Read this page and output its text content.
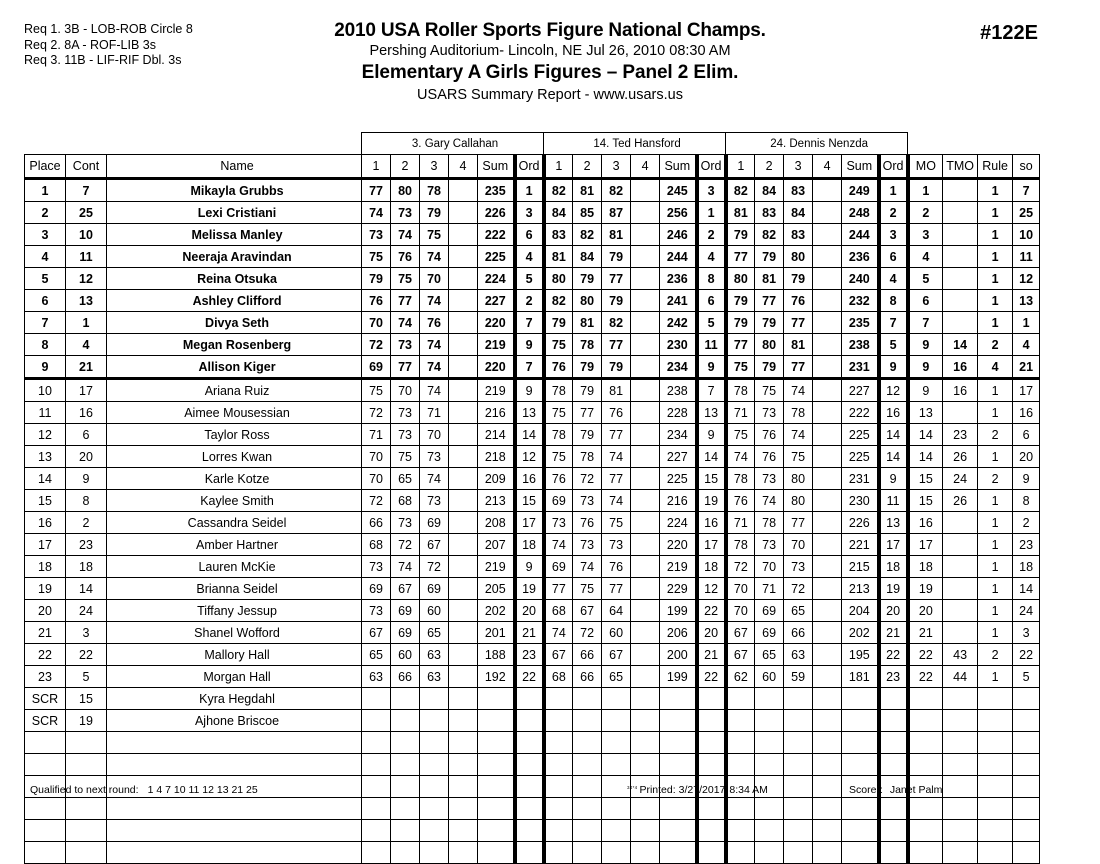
Req 1. 3B - LOB-ROB Circle 8
Req 2. 8A - ROF-LIB 3s
Req 3. 11B - LIF-RIF Dbl. 3s
2010 USA Roller Sports Figure National Champs.
Pershing Auditorium- Lincoln, NE Jul 26, 2010 08:30 AM
Elementary A Girls Figures – Panel 2 Elim.
USARS Summary Report - www.usars.us
#122E
			3. Gary Callahan						14. Ted Hansford						24. Dennis Nenzda									
Place	Cont	Name	1	2	3	4	Sum	Ord	1	2	3	4	Sum	Ord	1	2	3	4	Sum	Ord	MO	TMO	Rule	so
1	7	Mikayla Grubbs	77	80	78		235	1	82	81	82		245	3	82	84	83		249	1	1		1	7
2	25	Lexi Cristiani	74	73	79		226	3	84	85	87		256	1	81	83	84		248	2	2		1	25
3	10	Melissa Manley	73	74	75		222	6	83	82	81		246	2	79	82	83		244	3	3		1	10
4	11	Neeraja Aravindan	75	76	74		225	4	81	84	79		244	4	77	79	80		236	6	4		1	11
5	12	Reina Otsuka	79	75	70		224	5	80	79	77		236	8	80	81	79		240	4	5		1	12
6	13	Ashley Clifford	76	77	74		227	2	82	80	79		241	6	79	77	76		232	8	6		1	13
7	1	Divya Seth	70	74	76		220	7	79	81	82		242	5	79	79	77		235	7	7		1	1
8	4	Megan Rosenberg	72	73	74		219	9	75	78	77		230	11	77	80	81		238	5	9	14	2	4
9	21	Allison Kiger	69	77	74		220	7	76	79	79		234	9	75	79	77		231	9	9	16	4	21
10	17	Ariana Ruiz	75	70	74		219	9	78	79	81		238	7	78	75	74		227	12	9	16	1	17
11	16	Aimee Mousessian	72	73	71		216	13	75	77	76		228	13	71	73	78		222	16	13		1	16
12	6	Taylor Ross	71	73	70		214	14	78	79	77		234	9	75	76	74		225	14	14	23	2	6
13	20	Lorres Kwan	70	75	73		218	12	75	78	74		227	14	74	76	75		225	14	14	26	1	20
14	9	Karle Kotze	70	65	74		209	16	76	72	77		225	15	78	73	80		231	9	15	24	2	9
15	8	Kaylee Smith	72	68	73		213	15	69	73	74		216	19	76	74	80		230	11	15	26	1	8
16	2	Cassandra Seidel	66	73	69		208	17	73	76	75		224	16	71	78	77		226	13	16		1	2
17	23	Amber Hartner	68	72	67		207	18	74	73	73		220	17	78	73	70		221	17	17		1	23
18	18	Lauren McKie	73	74	72		219	9	69	74	76		219	18	72	70	73		215	18	18		1	18
19	14	Brianna Seidel	69	67	69		205	19	77	75	77		229	12	70	71	72		213	19	19		1	14
20	24	Tiffany Jessup	73	69	60		202	20	68	67	64		199	22	70	69	65		204	20	20		1	24
21	3	Shanel Wofford	67	69	65		201	21	74	72	60		206	20	67	69	66		202	21	21		1	3
22	22	Mallory Hall	65	60	63		188	23	67	66	67		200	21	67	65	63		195	22	22	43	2	22
23	5	Morgan Hall	63	66	63		192	22	68	66	65		199	22	62	60	59		181	23	22	44	1	5
SCR	15	Kyra Hegdahl																						
SCR	19	Ajhone Briscoe																						

Qualified to next round: 1 4 7 10 11 12 13 21 25	$^{34*4}$ Printed: 3/27/2017 8:34 AM	Scorer: Janet Palm
